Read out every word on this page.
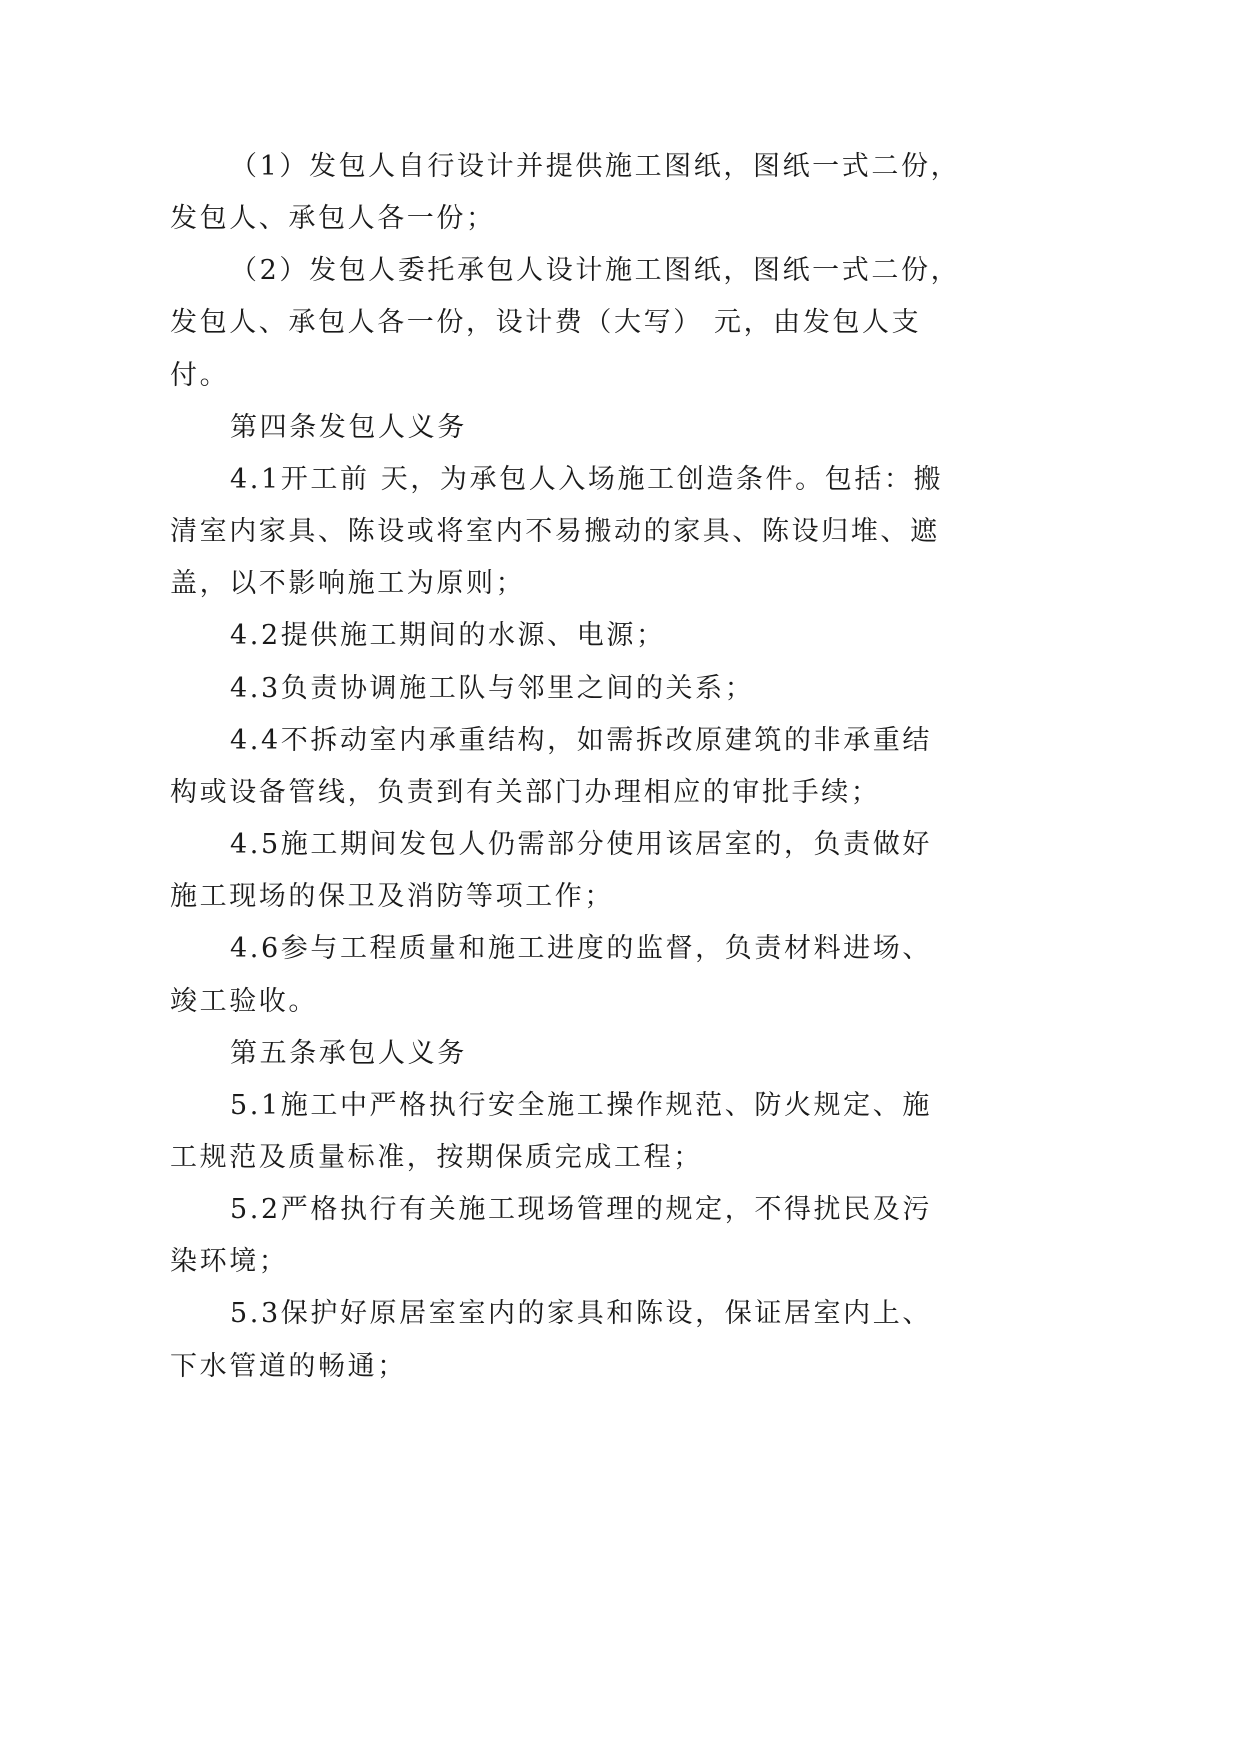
（1）发包人自行设计并提供施工图纸，图纸一式二份，
发包人、承包人各一份；
（2）发包人委托承包人设计施工图纸，图纸一式二份，
发包人、承包人各一份，设计费（大写） 元，由发包人支
付。
第四条发包人义务
4.1开工前 天，为承包人入场施工创造条件。包括：搬
清室内家具、陈设或将室内不易搬动的家具、陈设归堆、遮
盖，以不影响施工为原则；
4.2提供施工期间的水源、电源；
4.3负责协调施工队与邻里之间的关系；
4.4不拆动室内承重结构，如需拆改原建筑的非承重结
构或设备管线，负责到有关部门办理相应的审批手续；
4.5施工期间发包人仍需部分使用该居室的，负责做好
施工现场的保卫及消防等项工作；
4.6参与工程质量和施工进度的监督，负责材料进场、
竣工验收。
第五条承包人义务
5.1施工中严格执行安全施工操作规范、防火规定、施
工规范及质量标准，按期保质完成工程；
5.2严格执行有关施工现场管理的规定，不得扰民及污
染环境；
5.3保护好原居室室内的家具和陈设，保证居室内上、
下水管道的畅通；
